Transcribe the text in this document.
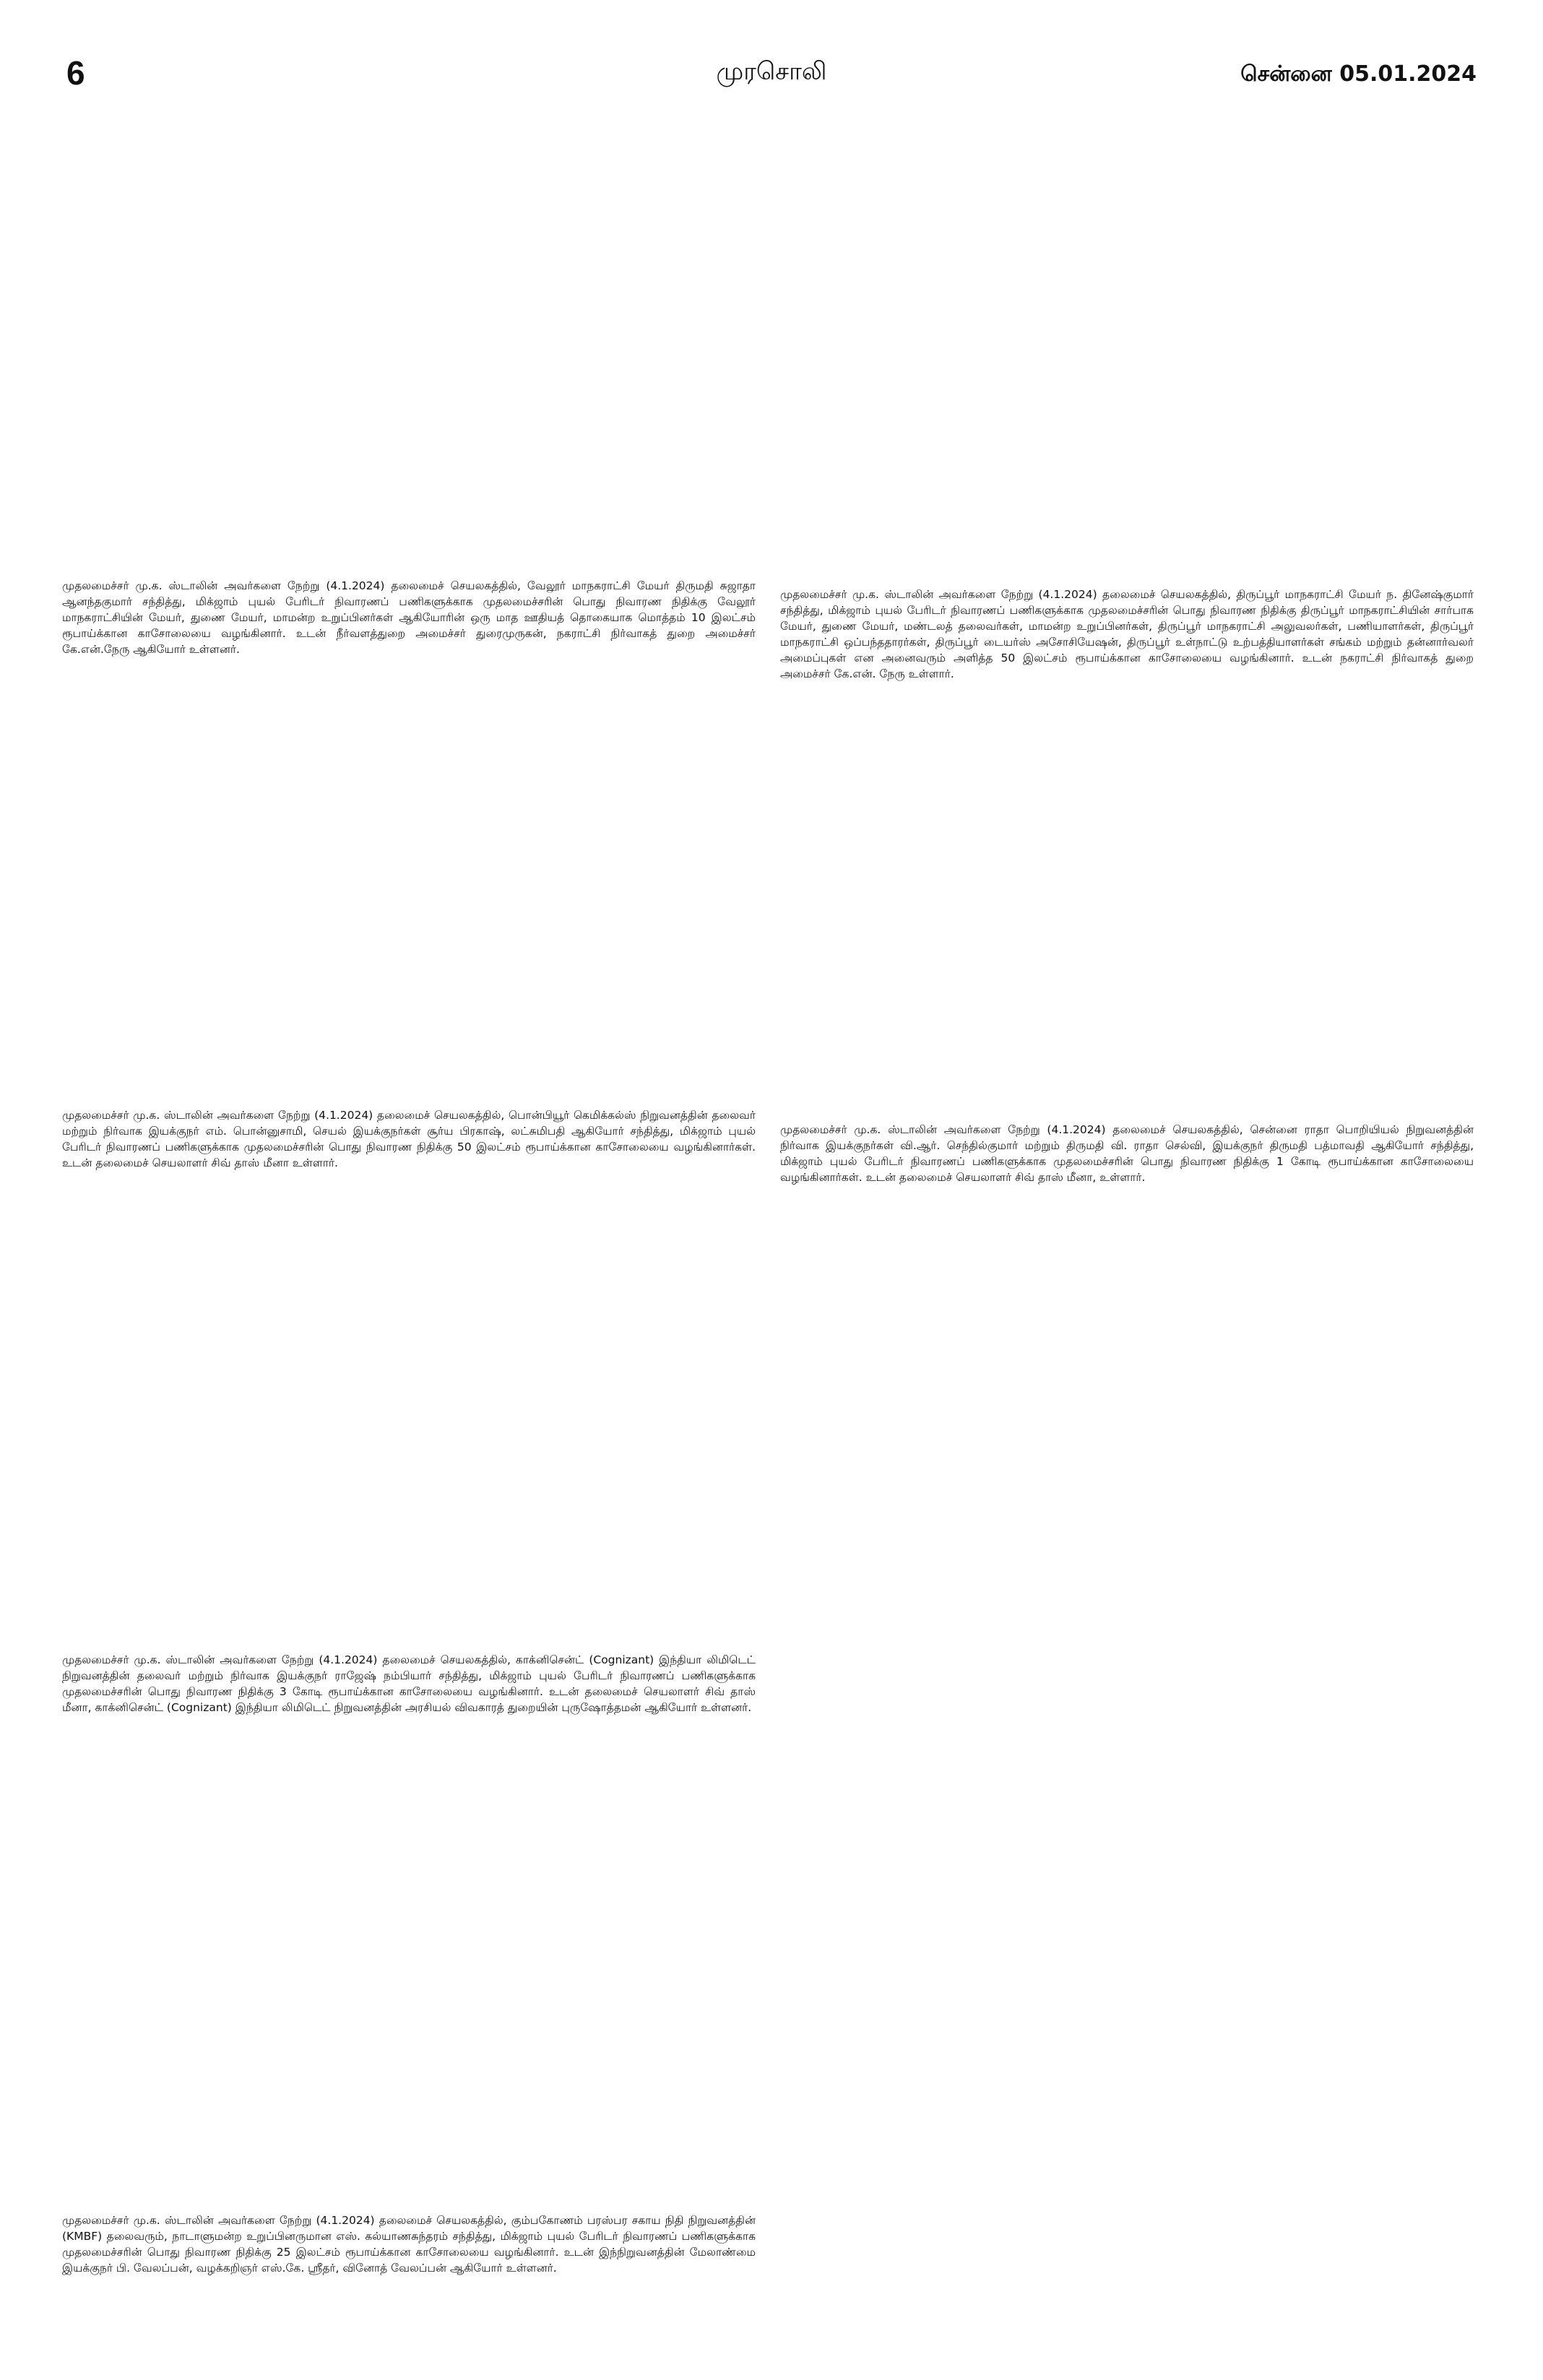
6	முரசொலி	சென்னை 05.01.2024

முதலமைச்சர் மு.க. ஸ்டாலின் அவர்களை நேற்று (4.1.2024) தலைமைச் செயலகத்தில், வேலூர் மாநகராட்சி மேயர் திருமதி சுஜாதா ஆனந்தகுமார் சந்தித்து, மிக்ஜாம் புயல் பேரிடர் நிவாரணப் பணிகளுக்காக முதலமைச்சரின் பொது நிவாரண நிதிக்கு வேலூர் மாநகராட்சியின் மேயர், துணை மேயர், மாமன்ற உறுப்பினர்கள் ஆகியோரின் ஒரு மாத ஊதியத் தொகையாக மொத்தம் 10 இலட்சம் ரூபாய்க்கான காசோலையை வழங்கினார். உடன் நீர்வளத்துறை அமைச்சர் துரைமுருகன், நகராட்சி நிர்வாகத் துறை அமைச்சர் கே.என்.நேரு ஆகியோர் உள்ளனர்.

முதலமைச்சர் மு.க. ஸ்டாலின் அவர்களை நேற்று (4.1.2024) தலைமைச் செயலகத்தில், திருப்பூர் மாநகராட்சி மேயர் ந. தினேஷ்குமார் சந்தித்து, மிக்ஜாம் புயல் பேரிடர் நிவாரணப் பணிகளுக்காக முதலமைச்சரின் பொது நிவாரண நிதிக்கு திருப்பூர் மாநகராட்சியின் சார்பாக மேயர், துணை மேயர், மண்டலத் தலைவர்கள், மாமன்ற உறுப்பினர்கள், திருப்பூர் மாநகராட்சி அலுவலர்கள், பணியாளர்கள், திருப்பூர் மாநகராட்சி ஒப்பந்ததாரர்கள், திருப்பூர் டையர்ஸ் அசோசியேஷன், திருப்பூர் உள்நாட்டு உற்பத்தியாளர்கள் சங்கம் மற்றும் தன்னார்வலர் அமைப்புகள் என அனைவரும் அளித்த 50 இலட்சம் ரூபாய்க்கான காசோலையை வழங்கினார். உடன் நகராட்சி நிர்வாகத் துறை அமைச்சர் கே.என். நேரு உள்ளார்.

முதலமைச்சர் மு.க. ஸ்டாலின் அவர்களை நேற்று (4.1.2024) தலைமைச் செயலகத்தில், பொன்பியூர் கெமிக்கல்ஸ் நிறுவனத்தின் தலைவர் மற்றும் நிர்வாக இயக்குநர் எம். பொன்னுசாமி, செயல் இயக்குநர்கள் சூர்ய பிரகாஷ், லட்சுமிபதி ஆகியோர் சந்தித்து, மிக்ஜாம் புயல் பேரிடர் நிவாரணப் பணிகளுக்காக முதலமைச்சரின் பொது நிவாரண நிதிக்கு 50 இலட்சம் ரூபாய்க்கான காசோலையை வழங்கினார்கள். உடன் தலைமைச் செயலாளர் சிவ் தாஸ் மீனா உள்ளார்.

முதலமைச்சர் மு.க. ஸ்டாலின் அவர்களை நேற்று (4.1.2024) தலைமைச் செயலகத்தில், சென்னை ராதா பொறியியல் நிறுவனத்தின் நிர்வாக இயக்குநர்கள் வி.ஆர். செந்தில்குமார் மற்றும் திருமதி வி. ராதா செல்வி, இயக்குநர் திருமதி பத்மாவதி ஆகியோர் சந்தித்து, மிக்ஜாம் புயல் பேரிடர் நிவாரணப் பணிகளுக்காக முதலமைச்சரின் பொது நிவாரண நிதிக்கு 1 கோடி ரூபாய்க்கான காசோலையை வழங்கினார்கள். உடன் தலைமைச் செயலாளர் சிவ் தாஸ் மீனா, உள்ளார்.

முதலமைச்சர் மு.க. ஸ்டாலின் அவர்களை நேற்று (4.1.2024) தலைமைச் செயலகத்தில், காக்னிசென்ட் (Cognizant) இந்தியா லிமிடெட் நிறுவனத்தின் தலைவர் மற்றும் நிர்வாக இயக்குநர் ராஜேஷ் நம்பியார் சந்தித்து, மிக்ஜாம் புயல் பேரிடர் நிவாரணப் பணிகளுக்காக முதலமைச்சரின் பொது நிவாரண நிதிக்கு 3 கோடி ரூபாய்க்கான காசோலையை வழங்கினார். உடன் தலைமைச் செயலாளர் சிவ் தாஸ் மீனா, காக்னிசென்ட் (Cognizant) இந்தியா லிமிடெட் நிறுவனத்தின் அரசியல் விவகாரத் துறையின் புருஷோத்தமன் ஆகியோர் உள்ளனர்.

முதலமைச்சர் மு.க. ஸ்டாலின் அவர்களை நேற்று (4.1.2024) தலைமைச் செயலகத்தில், கும்பகோணம் பரஸ்பர சகாய நிதி நிறுவனத்தின் (KMBF) தலைவரும், நாடாளுமன்ற உறுப்பினருமான எஸ். கல்யாணசுந்தரம் சந்தித்து, மிக்ஜாம் புயல் பேரிடர் நிவாரணப் பணிகளுக்காக முதலமைச்சரின் பொது நிவாரண நிதிக்கு 25 இலட்சம் ரூபாய்க்கான காசோலையை வழங்கினார். உடன் இந்நிறுவனத்தின் மேலாண்மை இயக்குநர் பி. வேலப்பன், வழக்கறிஞர் எஸ்.கே. ஸ்ரீதர், வினோத் வேலப்பன் ஆகியோர் உள்ளனர்.
